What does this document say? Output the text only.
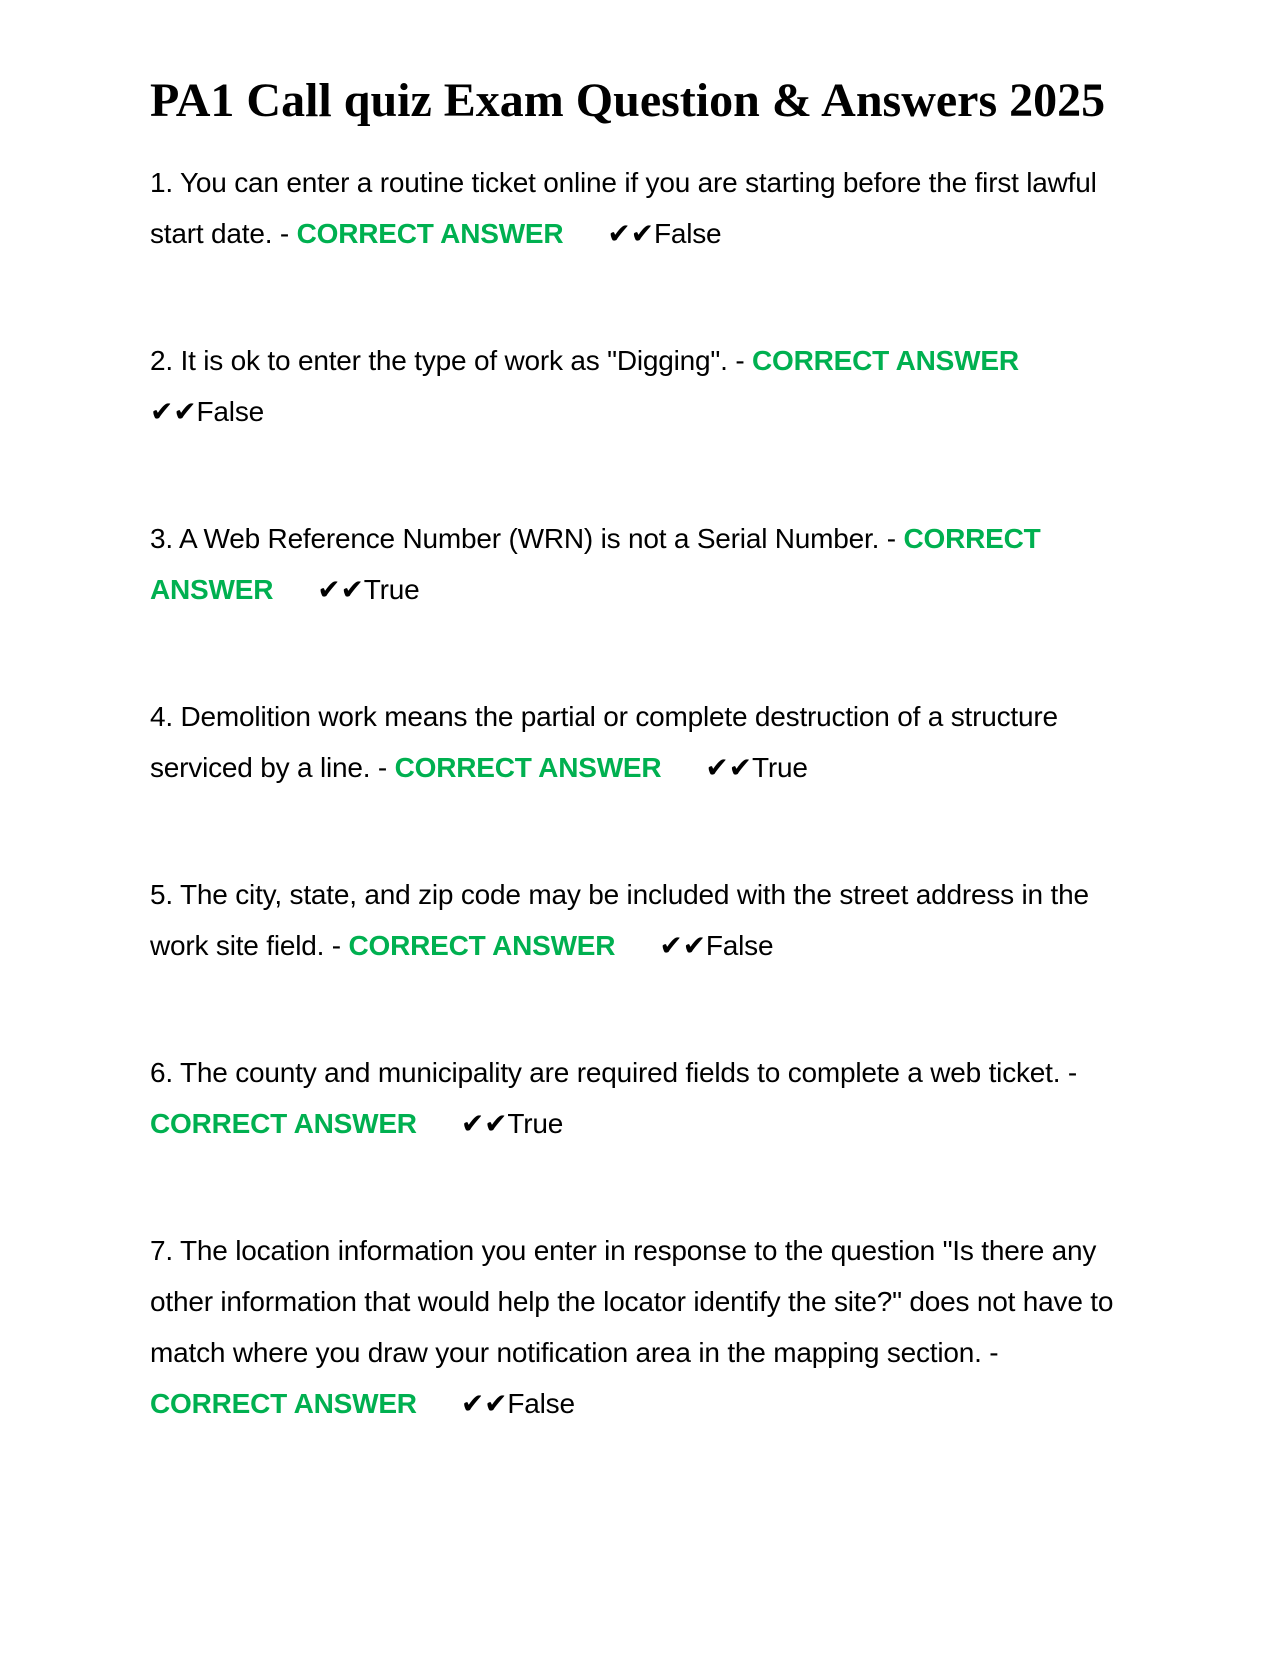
PA1 Call quiz Exam Question & Answers 2025

1. You can enter a routine ticket online if you are starting before the first lawful start date. - CORRECT ANSWER ✔✔False

2. It is ok to enter the type of work as "Digging". - CORRECT ANSWER
✔✔False

3. A Web Reference Number (WRN) is not a Serial Number. - CORRECT ANSWER ✔✔True

4. Demolition work means the partial or complete destruction of a structure serviced by a line. - CORRECT ANSWER ✔✔True

5. The city, state, and zip code may be included with the street address in the work site field. - CORRECT ANSWER ✔✔False

6. The county and municipality are required fields to complete a web ticket. - CORRECT ANSWER ✔✔True

7. The location information you enter in response to the question "Is there any other information that would help the locator identify the site?" does not have to match where you draw your notification area in the mapping section. - CORRECT ANSWER ✔✔False
